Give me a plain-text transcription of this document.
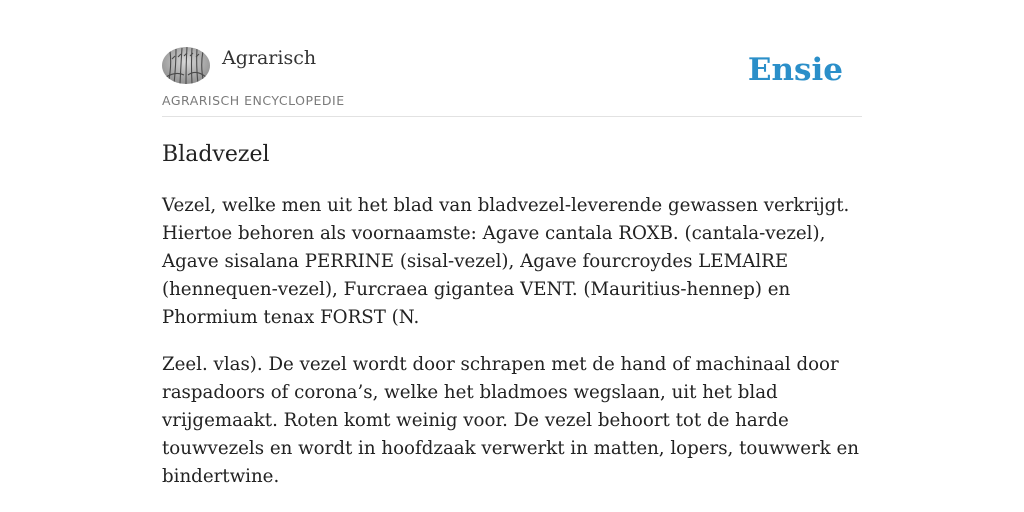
Agrarisch
AGRARISCH ENCYCLOPEDIE
Ensie
Bladvezel

Vezel, welke men uit het blad van bladvezel-leverende gewassen verkrijgt. Hiertoe behoren als voornaamste: Agave cantala ROXB. (cantala-vezel), Agave sisalana PERRINE (sisal-vezel), Agave fourcroydes LEMAlRE (hennequen-vezel), Furcraea gigantea VENT. (Mauritius-hennep) en Phormium tenax FORST (N.

Zeel. vlas). De vezel wordt door schrapen met de hand of machinaal door raspadoors of corona’s, welke het bladmoes wegslaan, uit het blad vrijgemaakt. Roten komt weinig voor. De vezel behoort tot de harde touwvezels en wordt in hoofdzaak verwerkt in matten, lopers, touwwerk en bindertwine.
